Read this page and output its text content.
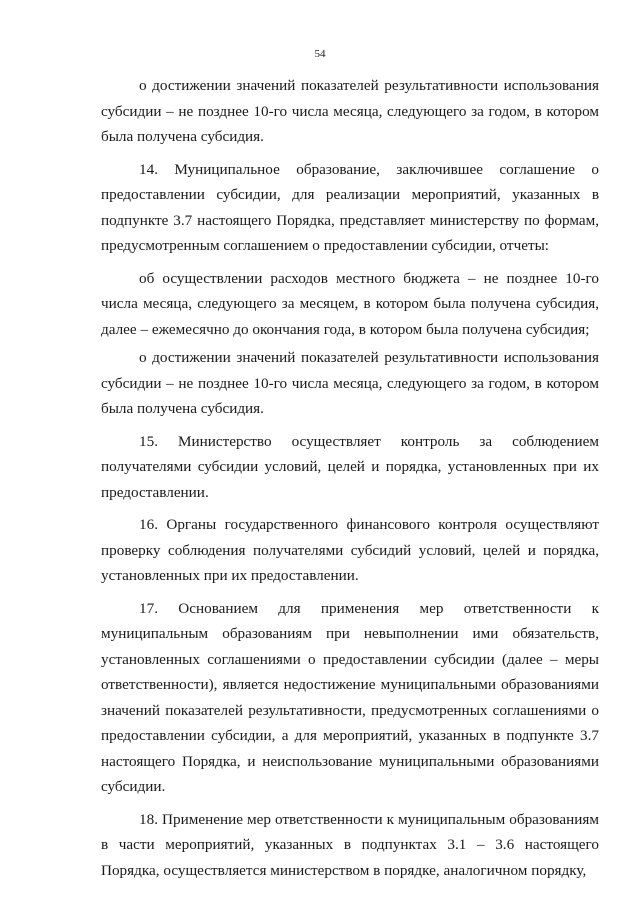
54

о достижении значений показателей результативности использования субсидии – не позднее 10-го числа месяца, следующего за годом, в котором была получена субсидия.

14. Муниципальное образование, заключившее соглашение о предоставлении субсидии, для реализации мероприятий, указанных в подпункте 3.7 настоящего Порядка, представляет министерству по формам, предусмотренным соглашением о предоставлении субсидии, отчеты:

об осуществлении расходов местного бюджета – не позднее 10-го числа месяца, следующего за месяцем, в котором была получена субсидия, далее – ежемесячно до окончания года, в котором была получена субсидия;

о достижении значений показателей результативности использования субсидии – не позднее 10-го числа месяца, следующего за годом, в котором была получена субсидия.

15. Министерство осуществляет контроль за соблюдением получателями субсидии условий, целей и порядка, установленных при их предоставлении.

16. Органы государственного финансового контроля осуществляют проверку соблюдения получателями субсидий условий, целей и порядка, установленных при их предоставлении.

17. Основанием для применения мер ответственности к муниципальным образованиям при невыполнении ими обязательств, установленных соглашениями о предоставлении субсидии (далее – меры ответственности), является недостижение муниципальными образованиями значений показателей результативности, предусмотренных соглашениями о предоставлении субсидии, а для мероприятий, указанных в подпункте 3.7 настоящего Порядка, и неиспользование муниципальными образованиями субсидии.

18. Применение мер ответственности к муниципальным образованиям в части мероприятий, указанных в подпунктах 3.1 – 3.6 настоящего Порядка, осуществляется министерством в порядке, аналогичном порядку,
